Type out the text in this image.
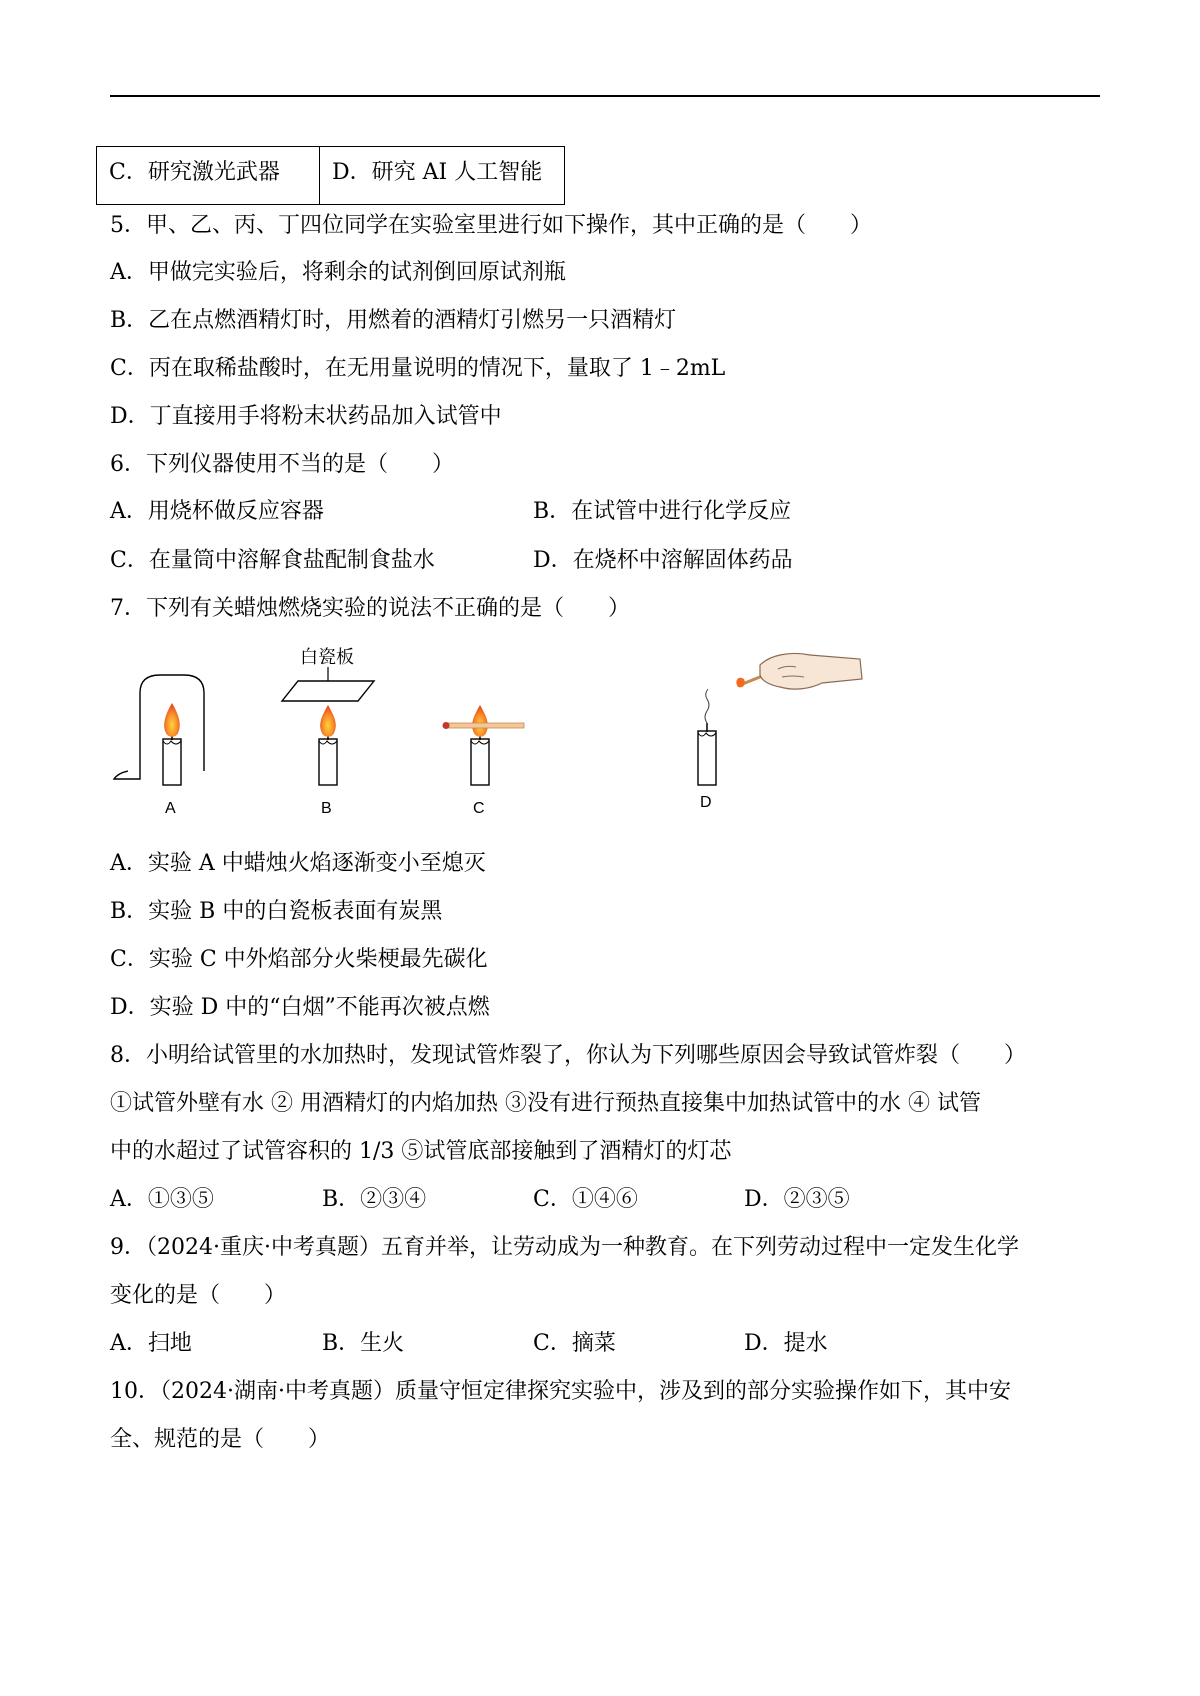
C．研究激光武器	D．研究 AI 人工智能
5．甲、乙、丙、丁四位同学在实验室里进行如下操作，其中正确的是（　　）
A．甲做完实验后，将剩余的试剂倒回原试剂瓶
B．乙在点燃酒精灯时，用燃着的酒精灯引燃另一只酒精灯
C．丙在取稀盐酸时，在无用量说明的情况下，量取了 1﹣2mL
D．丁直接用手将粉末状药品加入试管中
6．下列仪器使用不当的是（　　）
A．用烧杯做反应容器	B．在试管中进行化学反应
C．在量筒中溶解食盐配制食盐水	D．在烧杯中溶解固体药品
7．下列有关蜡烛燃烧实验的说法不正确的是（　　）
A
白瓷板
B	C	D
A．实验 A 中蜡烛火焰逐渐变小至熄灭
B．实验 B 中的白瓷板表面有炭黑
C．实验 C 中外焰部分火柴梗最先碳化
D．实验 D 中的“白烟”不能再次被点燃
8．小明给试管里的水加热时，发现试管炸裂了，你认为下列哪些原因会导致试管炸裂（　　）
①试管外壁有水 ② 用酒精灯的内焰加热 ③没有进行预热直接集中加热试管中的水 ④ 试管
中的水超过了试管容积的 1/3 ⑤试管底部接触到了酒精灯的灯芯
A．①③⑤	B．②③④	C．①④⑥	D．②③⑤
9．（2024·重庆·中考真题）五育并举，让劳动成为一种教育。在下列劳动过程中一定发生化学
变化的是（　　）
A．扫地	B．生火	C．摘菜	D．提水
10．（2024·湖南·中考真题）质量守恒定律探究实验中，涉及到的部分实验操作如下，其中安
全、规范的是（　　）
